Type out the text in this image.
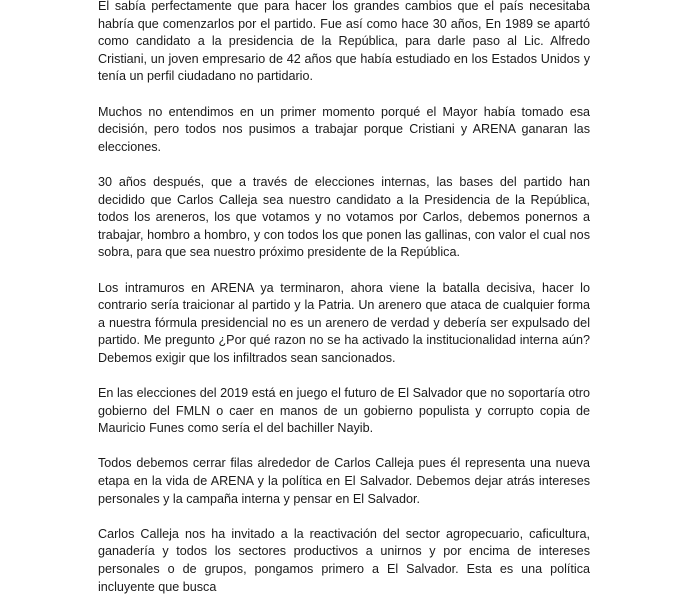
El sabía perfectamente que para hacer los grandes cambios que el país necesitaba habría que comenzarlos por el partido. Fue así como hace 30 años, En 1989 se apartó como candidato a la presidencia de la República, para darle paso al Lic. Alfredo Cristiani, un joven empresario de 42 años que había estudiado en los Estados Unidos y tenía un perfil ciudadano no partidario.

Muchos no entendimos en un primer momento porqué el Mayor había tomado esa decisión, pero todos nos pusimos a trabajar porque Cristiani y ARENA ganaran las elecciones.

30 años después, que a través de elecciones internas, las bases del partido han decidido que Carlos Calleja sea nuestro candidato a la Presidencia de la República, todos los areneros, los que votamos y no votamos por Carlos, debemos ponernos a trabajar, hombro a hombro, y con todos los que ponen las gallinas, con valor el cual nos sobra, para que sea nuestro próximo presidente de la República.

Los intramuros en ARENA ya terminaron, ahora viene la batalla decisiva, hacer lo contrario sería traicionar al partido y la Patria. Un arenero que ataca de cualquier forma a nuestra fórmula presidencial no es un arenero de verdad y debería ser expulsado del partido. Me pregunto ¿Por qué razon no se ha activado la institucionalidad interna aún? Debemos exigir que los infiltrados sean sancionados.

En las elecciones del 2019 está en juego el futuro de El Salvador que no soportaría otro gobierno del FMLN o caer en manos de un gobierno populista y corrupto copia de Mauricio Funes como sería el del bachiller Nayib.

Todos debemos cerrar filas alrededor de Carlos Calleja pues él representa una nueva etapa en la vida de ARENA y la política en El Salvador. Debemos dejar atrás intereses personales y la campaña interna y pensar en El Salvador.

Carlos Calleja nos ha invitado a la reactivación del sector agropecuario, caficultura, ganadería y todos los sectores productivos a unirnos y por encima de intereses personales o de grupos, pongamos primero a El Salvador. Esta es una política incluyente que busca
